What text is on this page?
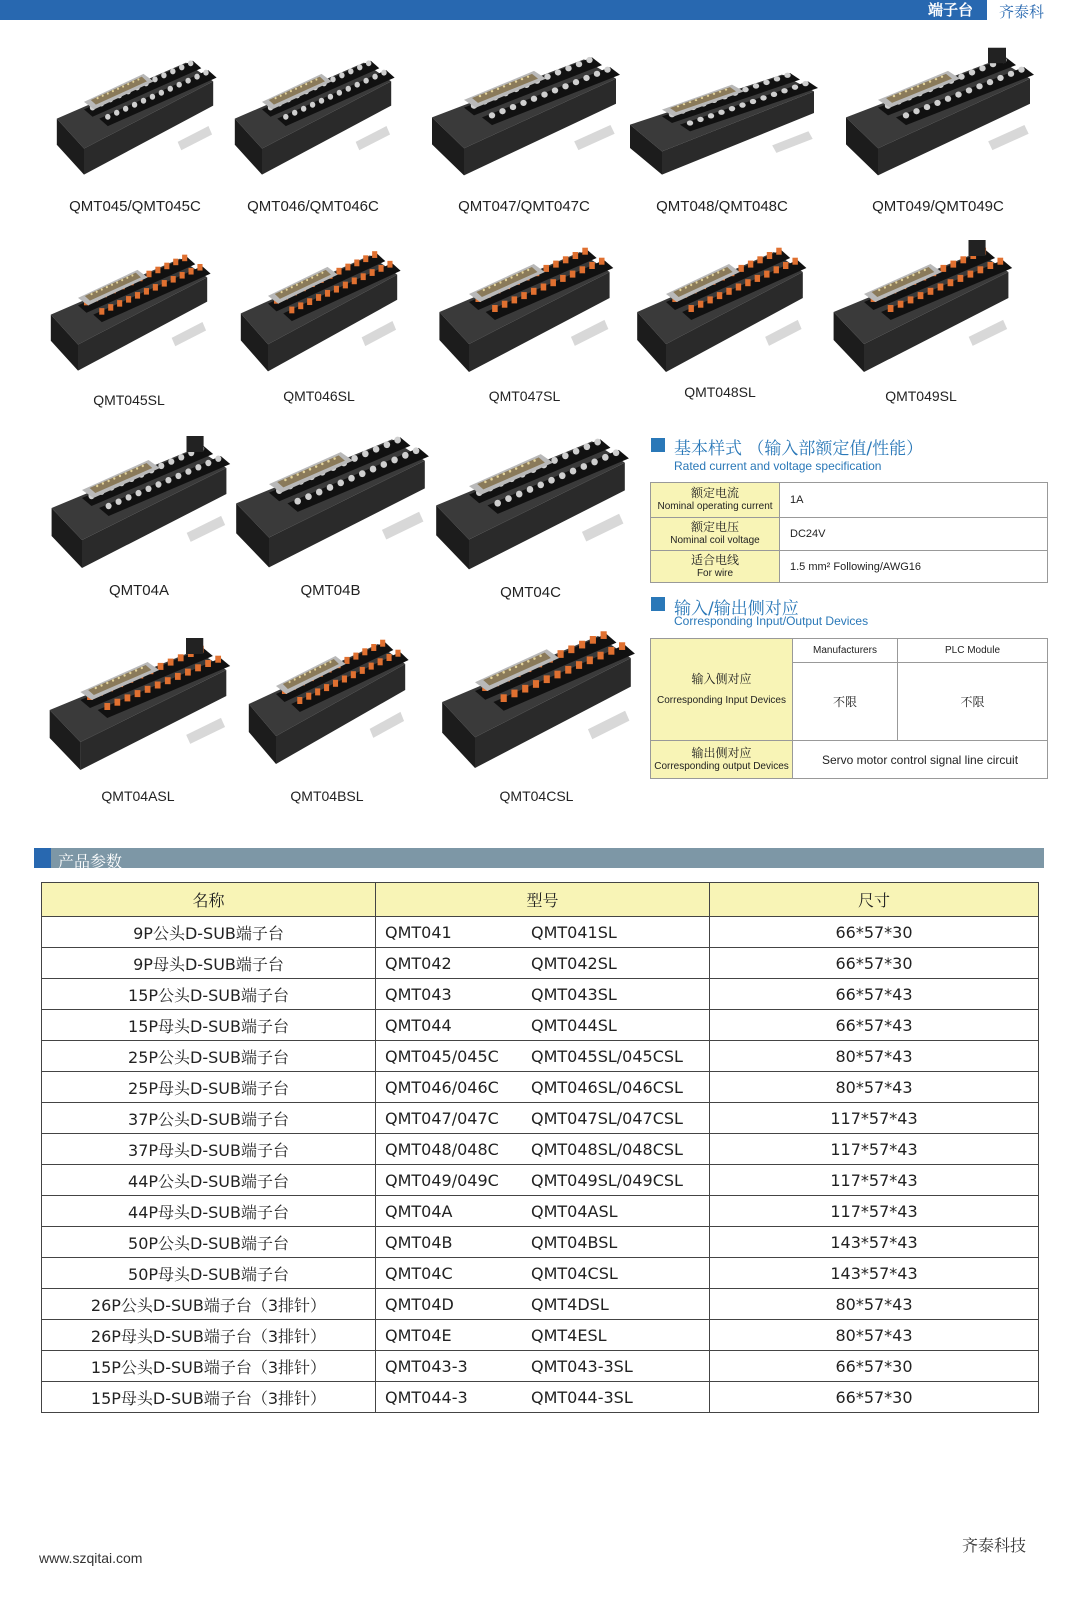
端子台 齐泰科
QMT045/QMT045C	QMT046/QMT046C	QMT047/QMT047C	QMT048/QMT048C	QMT049/QMT049C
QMT045SL	QMT046SL	QMT047SL	QMT048SL	QMT049SL
QMT04A	QMT04B	QMT04C
QMT04ASL	QMT04BSL	QMT04CSL
基本样式 （输入部额定值/性能）
Rated current and voltage specification
额定电流
Nominal operating current	1A
额定电压
Nominal coil voltage	DC24V
适合电线
For wire	1.5 mm² Following/AWG16
输入/输出侧对应
Corresponding Input/Output Devices
输入侧对应
Corresponding Input Devices	Manufacturers	PLC Module
	不限	不限

输出侧对应
Corresponding output Devices	Servo motor control signal line circuit	
产品参数
名称	型号	尺寸
9P公头D-SUB端子台	QMT041 QMT041SL	66*57*30
9P母头D-SUB端子台	QMT042 QMT042SL	66*57*30
15P公头D-SUB端子台	QMT043 QMT043SL	66*57*43
15P母头D-SUB端子台	QMT044 QMT044SL	66*57*43
25P公头D-SUB端子台	QMT045/045C QMT045SL/045CSL	80*57*43
25P母头D-SUB端子台	QMT046/046C QMT046SL/046CSL	80*57*43
37P公头D-SUB端子台	QMT047/047C QMT047SL/047CSL	117*57*43
37P母头D-SUB端子台	QMT048/048C QMT048SL/048CSL	117*57*43
44P公头D-SUB端子台	QMT049/049C QMT049SL/049CSL	117*57*43
44P母头D-SUB端子台	QMT04A QMT04ASL	117*57*43
50P公头D-SUB端子台	QMT04B QMT04BSL	143*57*43
50P母头D-SUB端子台	QMT04C QMT04CSL	143*57*43
26P公头D-SUB端子台（3排针）	QMT04D QMT4DSL	80*57*43
26P母头D-SUB端子台（3排针）	QMT04E QMT4ESL	80*57*43
15P公头D-SUB端子台（3排针）	QMT043-3 QMT043-3SL	66*57*30
15P母头D-SUB端子台（3排针）	QMT044-3 QMT044-3SL	66*57*30
www.szqitai.com
齐泰科技
